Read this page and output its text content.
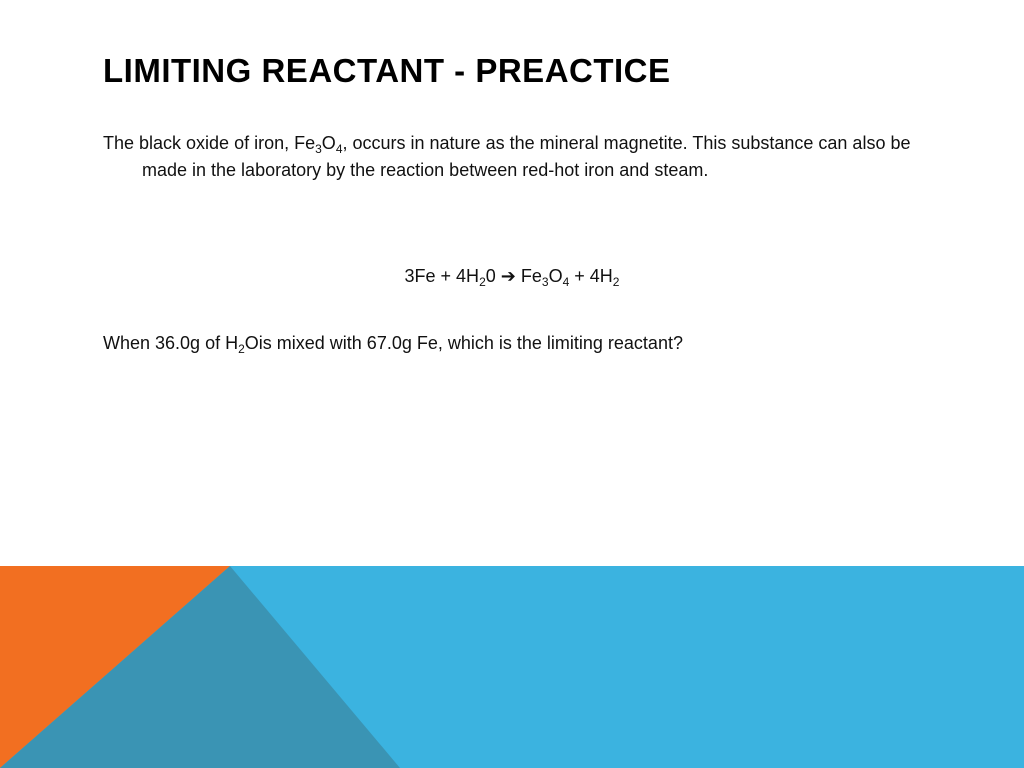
LIMITING REACTANT - PREACTICE

The black oxide of iron, $Fe_3O_4$, occurs in nature as the mineral magnetite. This substance can also be made in the laboratory by the reaction between red-hot iron and steam.

$3Fe + 4H_20$ ➔ $Fe_3O_4 + 4H_2$

When 36.0g of $H_2Ois$ mixed with 67.0g Fe, which is the limiting reactant?
